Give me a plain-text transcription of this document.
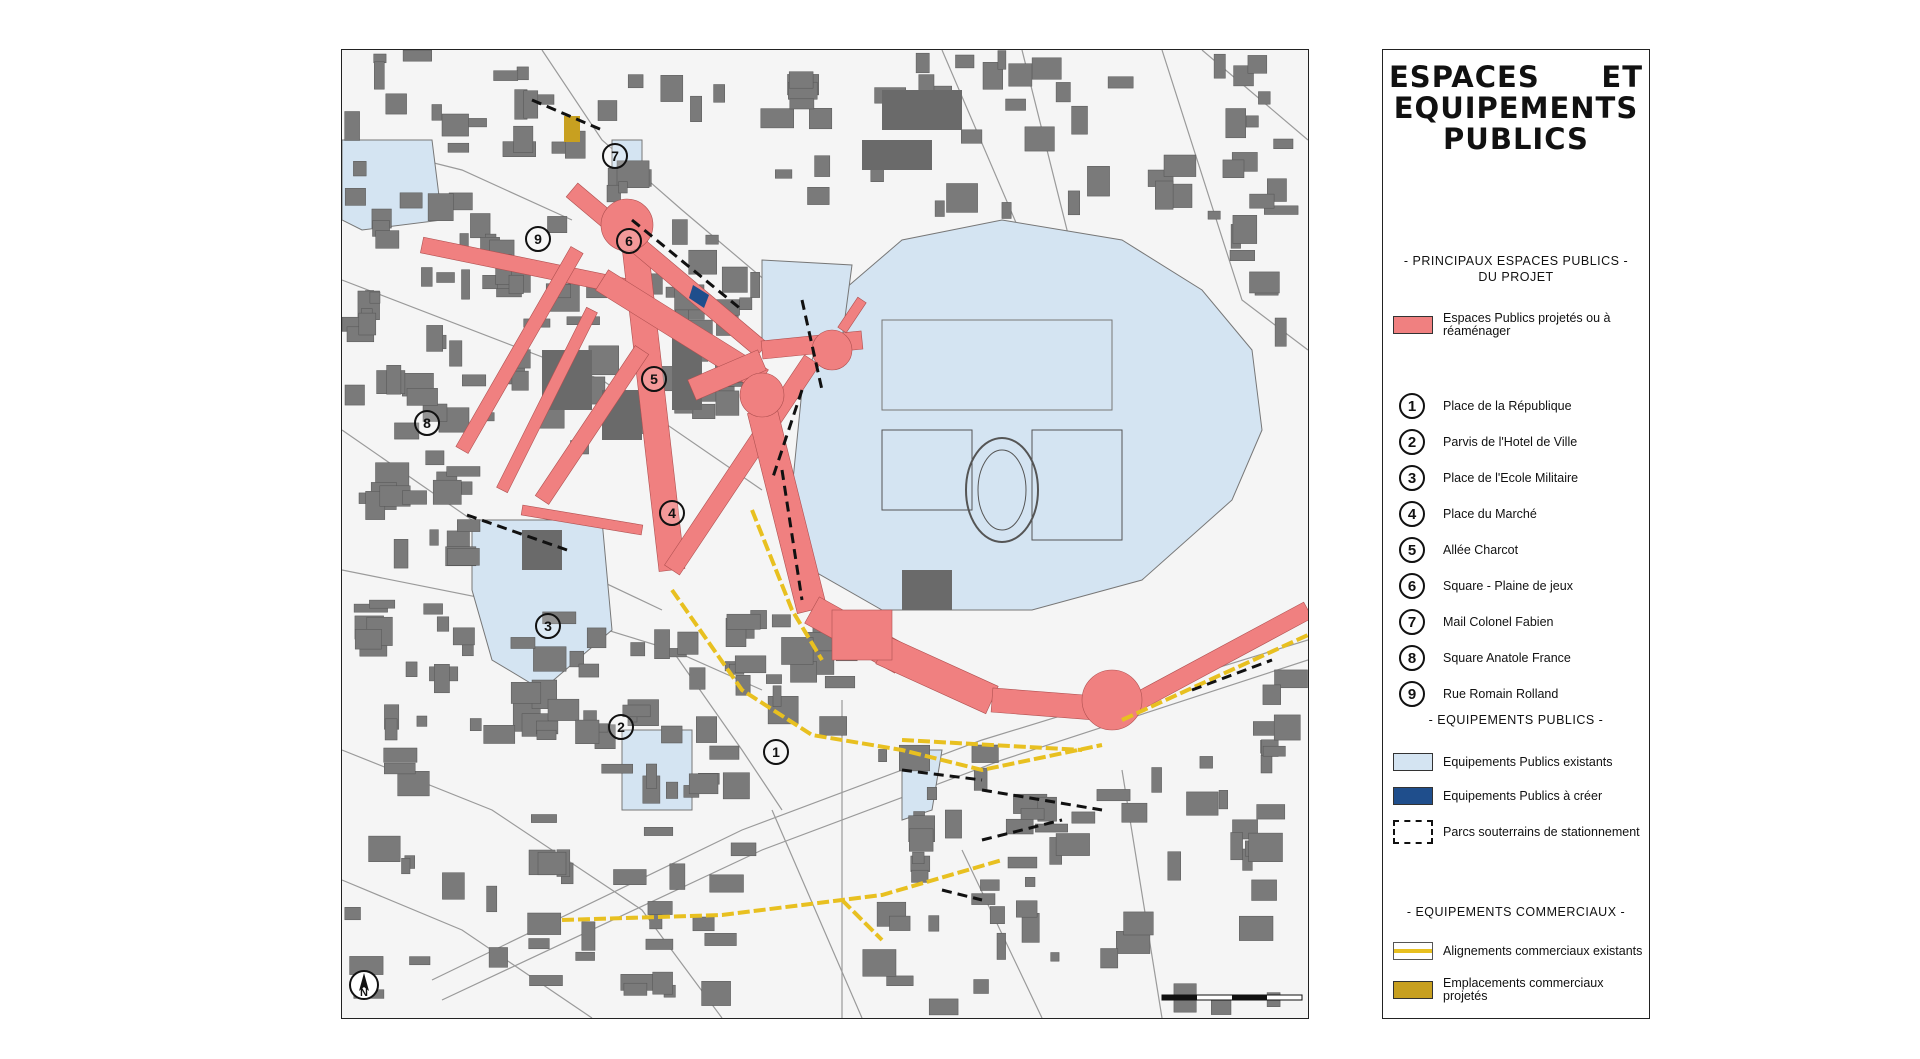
1
2
3
4
5
6
7
8
9
N
ESPACES ET
EQUIPEMENTS
PUBLICS
- PRINCIPAUX ESPACES PUBLICS -
DU PROJET
Espaces Publics projetés ou à réaménager
1	Place de la République
2	Parvis de l'Hotel de Ville
3	Place de l'Ecole Militaire
4	Place du Marché
5	Allée Charcot
6	Square - Plaine de jeux
7	Mail Colonel Fabien
8	Square Anatole France
9	Rue Romain Rolland
- EQUIPEMENTS PUBLICS -
Equipements Publics existants
Equipements Publics à créer
Parcs souterrains de stationnement
- EQUIPEMENTS COMMERCIAUX -
Alignements commerciaux existants
Emplacements commerciaux projetés
